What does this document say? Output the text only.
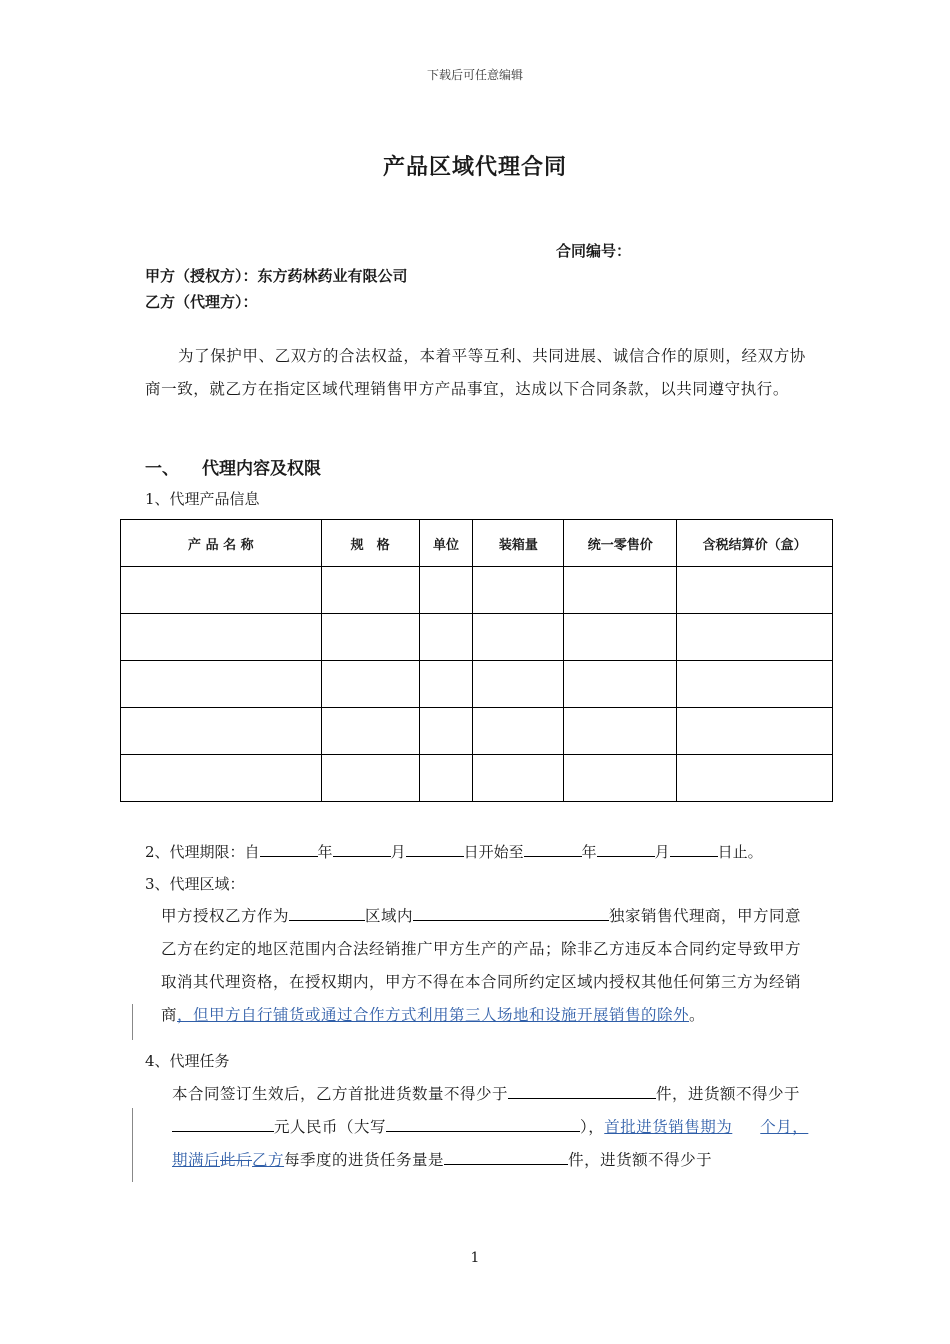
下载后可任意编辑
产品区域代理合同
合同编号：
甲方（授权方）：东方药林药业有限公司
乙方（代理方）：
为了保护甲、乙双方的合法权益，本着平等互利、共同进展、诚信合作的原则，经双方协商一致，就乙方在指定区域代理销售甲方产品事宜，达成以下合同条款，以共同遵守执行。
一、 代理内容及权限
1、代理产品信息
产 品 名 称	规　格	单位	装箱量	统一零售价	含税结算价（盒）

2、代理期限：自	年	月	日开始至	年	月	日止。
3、代理区域：
甲方授权乙方作为	区域内	独家销售代理商，甲方同意乙方在约定的地区范围内合法经销推广甲方生产的产品；除非乙方违反本合同约定导致甲方取消其代理资格，在授权期内，甲方不得在本合同所约定区域内授权其他任何第三方为经销商，但甲方自行铺货或通过合作方式利用第三人场地和设施开展销售的除外。
4、代理任务
本合同签订生效后，乙方首批进货数量不得少于	件，进货额不得少于元人民币（大写	），首批进货销售期为 个月，期满后此后乙方每季度的进货任务量是	件，进货额不得少于
1
